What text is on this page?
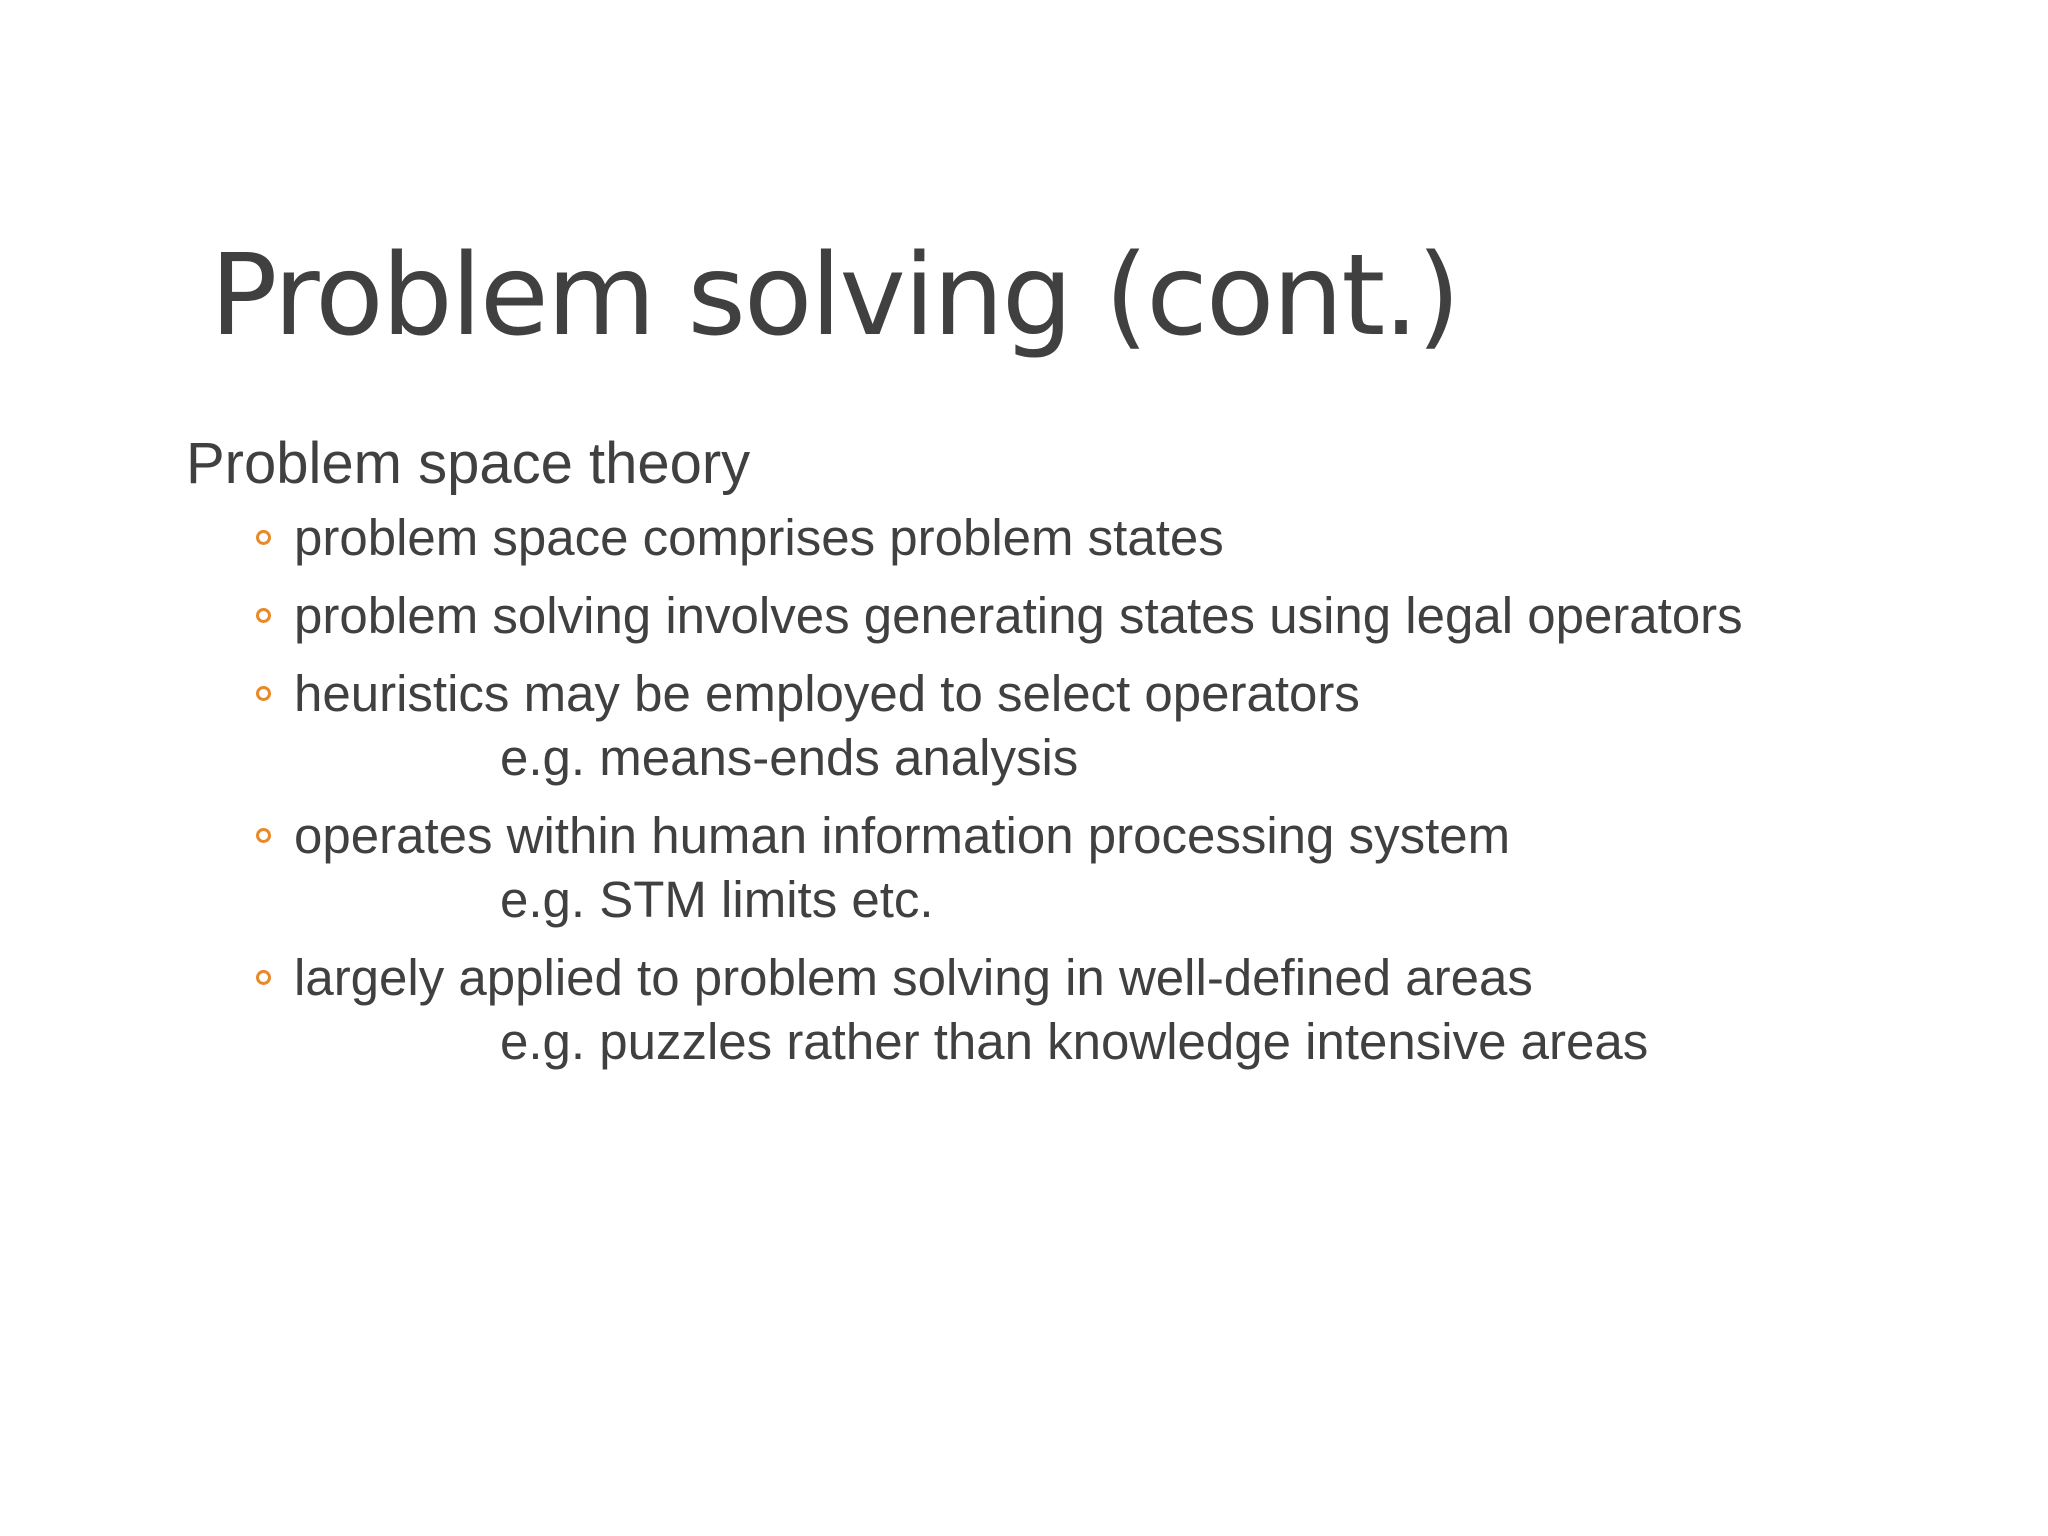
Problem solving (cont.)
Problem space theory
problem space comprises problem states
problem solving involves generating states using legal operators
heuristics may be employed to select operators
e.g. means-ends analysis
operates within human information processing system
e.g. STM limits etc.
largely applied to problem solving in well-defined areas
e.g. puzzles rather than knowledge intensive areas
